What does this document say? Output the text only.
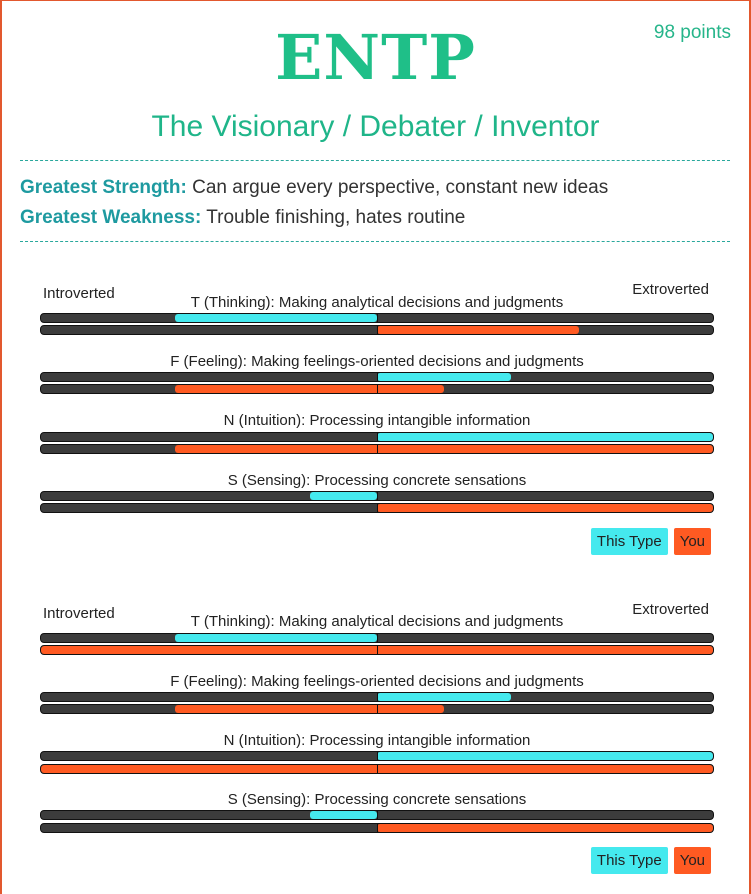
98 points
ENTP
The Visionary / Debater / Inventor
Greatest Strength: Can argue every perspective, constant new ideas
Greatest Weakness: Trouble finishing, hates routine
Introverted	Extroverted
T (Thinking): Making analytical decisions and judgments
F (Feeling): Making feelings-oriented decisions and judgments
N (Intuition): Processing intangible information
S (Sensing): Processing concrete sensations
This Type	You
Introverted	Extroverted
T (Thinking): Making analytical decisions and judgments
F (Feeling): Making feelings-oriented decisions and judgments
N (Intuition): Processing intangible information
S (Sensing): Processing concrete sensations
This Type	You
